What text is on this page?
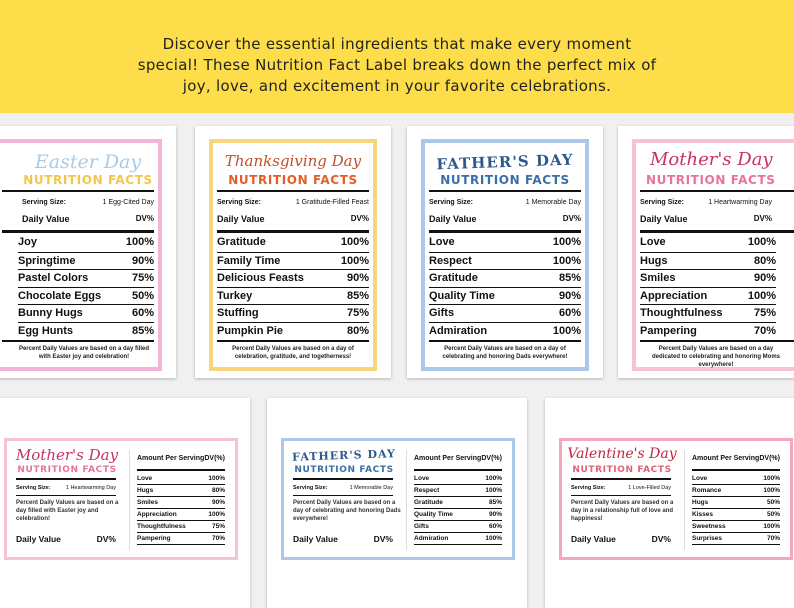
Discover the essential ingredients that make every moment
special! These Nutrition Fact Label breaks down the perfect mix of
joy, love, and excitement in your favorite celebrations.
Easter Day
NUTRITION FACTS
Serving Size:	1 Egg-Cited Day
Daily Value	DV%
Joy	100%
Springtime	90%
Pastel Colors	75%
Chocolate Eggs	50%
Bunny Hugs	60%
Egg Hunts	85%
Percent Daily Values are based on a day filled with Easter joy and celebration!
Thanksgiving Day
NUTRITION FACTS
Serving Size:	1 Gratitude-Filled Feast
Daily Value	DV%
Gratitude	100%
Family Time	100%
Delicious Feasts	90%
Turkey	85%
Stuffing	75%
Pumpkin Pie	80%
Percent Daily Values are based on a day of celebration, gratitude, and togetherness!
FATHER'S DAY
NUTRITION FACTS
Serving Size:	1 Memorable Day
Daily Value	DV%
Love	100%
Respect	100%
Gratitude	85%
Quality Time	90%
Gifts	60%
Admiration	100%
Percent Daily Values are based on a day of celebrating and honoring Dads everywhere!
Mother's Day
NUTRITION FACTS
Serving Size:	1 Heartwarming Day
Daily Value	DV%
Love	100%
Hugs	80%
Smiles	90%
Appreciation	100%
Thoughtfulness	75%
Pampering	70%
Percent Daily Values are based on a day dedicated to celebrating and honoring Moms everywhere!
Mother's Day
NUTRITION FACTS
Serving Size:	1 Heartwarming Day
Percent Daily Values are based on a day filled with Easter joy and celebration!
Daily Value	DV%
Amount Per Serving DV(%)
Love	100%
Hugs	80%
Smiles	90%
Appreciation	100%
Thoughtfulness	75%
Pampering	70%
FATHER'S DAY
NUTRITION FACTS
Serving Size:	1 Memorable Day
Percent Daily Values are based on a day of celebrating and honoring Dads everywhere!
Daily Value	DV%
Amount Per Serving DV(%)
Love	100%
Respect	100%
Gratitude	85%
Quality Time	90%
Gifts	60%
Admiration	100%
Valentine's Day
NUTRITION FACTS
Serving Size:	1 Love-Filled Day
Percent Daily Values are based on a day in a relationship full of love and happiness!
Daily Value	DV%
Amount Per Serving DV(%)
Love	100%
Romance	100%
Hugs	50%
Kisses	50%
Sweetness	100%
Surprises	70%
